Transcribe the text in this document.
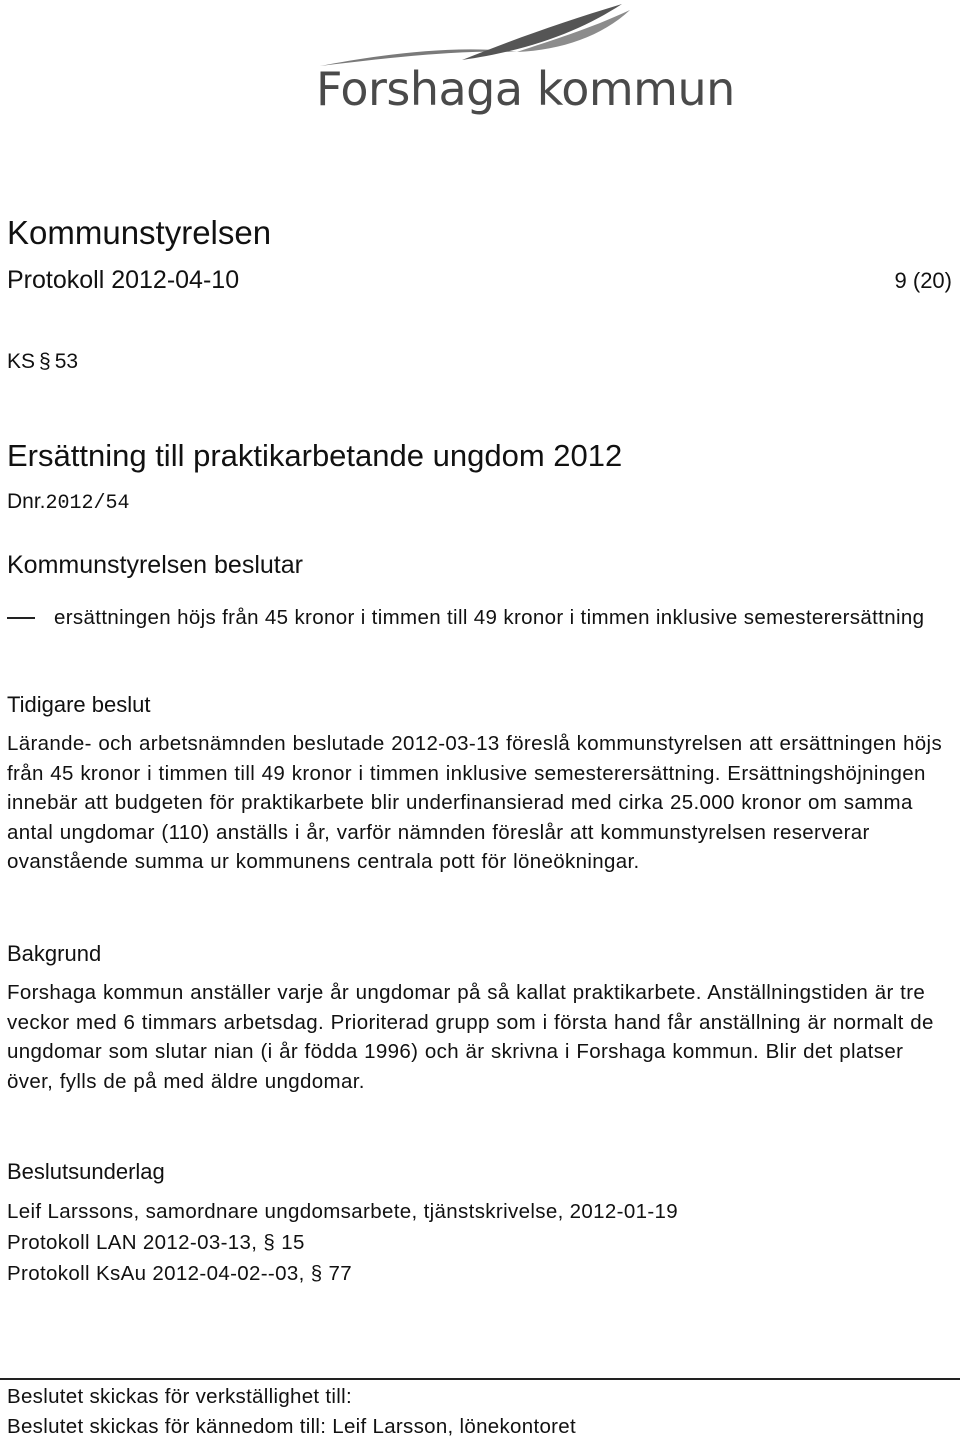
Forshaga kommun
Kommunstyrelsen
Protokoll 2012-04-10	9 (20)
KS § 53
Ersättning till praktikarbetande ungdom 2012
Dnr.2012/54
Kommunstyrelsen beslutar
ersättningen höjs från 45 kronor i timmen till 49 kronor i timmen inklusive semesterersättning
Tidigare beslut
Lärande- och arbetsnämnden beslutade 2012-03-13 föreslå kommunstyrelsen att ersättningen höjs från 45 kronor i timmen till 49 kronor i timmen inklusive semesterersättning. Ersättningshöjningen innebär att budgeten för praktikarbete blir underfinansierad med cirka 25.000 kronor om samma antal ungdomar (110) anställs i år, varför nämnden föreslår att kommunstyrelsen reserverar ovanstående summa ur kommunens centrala pott för löneökningar.
Bakgrund
Forshaga kommun anställer varje år ungdomar på så kallat praktikarbete. Anställningstiden är tre veckor med 6 timmars arbetsdag. Prioriterad grupp som i första hand får anställning är normalt de ungdomar som slutar nian (i år födda 1996) och är skrivna i Forshaga kommun. Blir det platser över, fylls de på med äldre ungdomar.
Beslutsunderlag
Leif Larssons, samordnare ungdomsarbete, tjänstskrivelse, 2012-01-19
Protokoll LAN 2012-03-13, § 15
Protokoll KsAu 2012-04-02--03, § 77
Beslutet skickas för verkställighet till:
Beslutet skickas för kännedom till: Leif Larsson, lönekontoret
